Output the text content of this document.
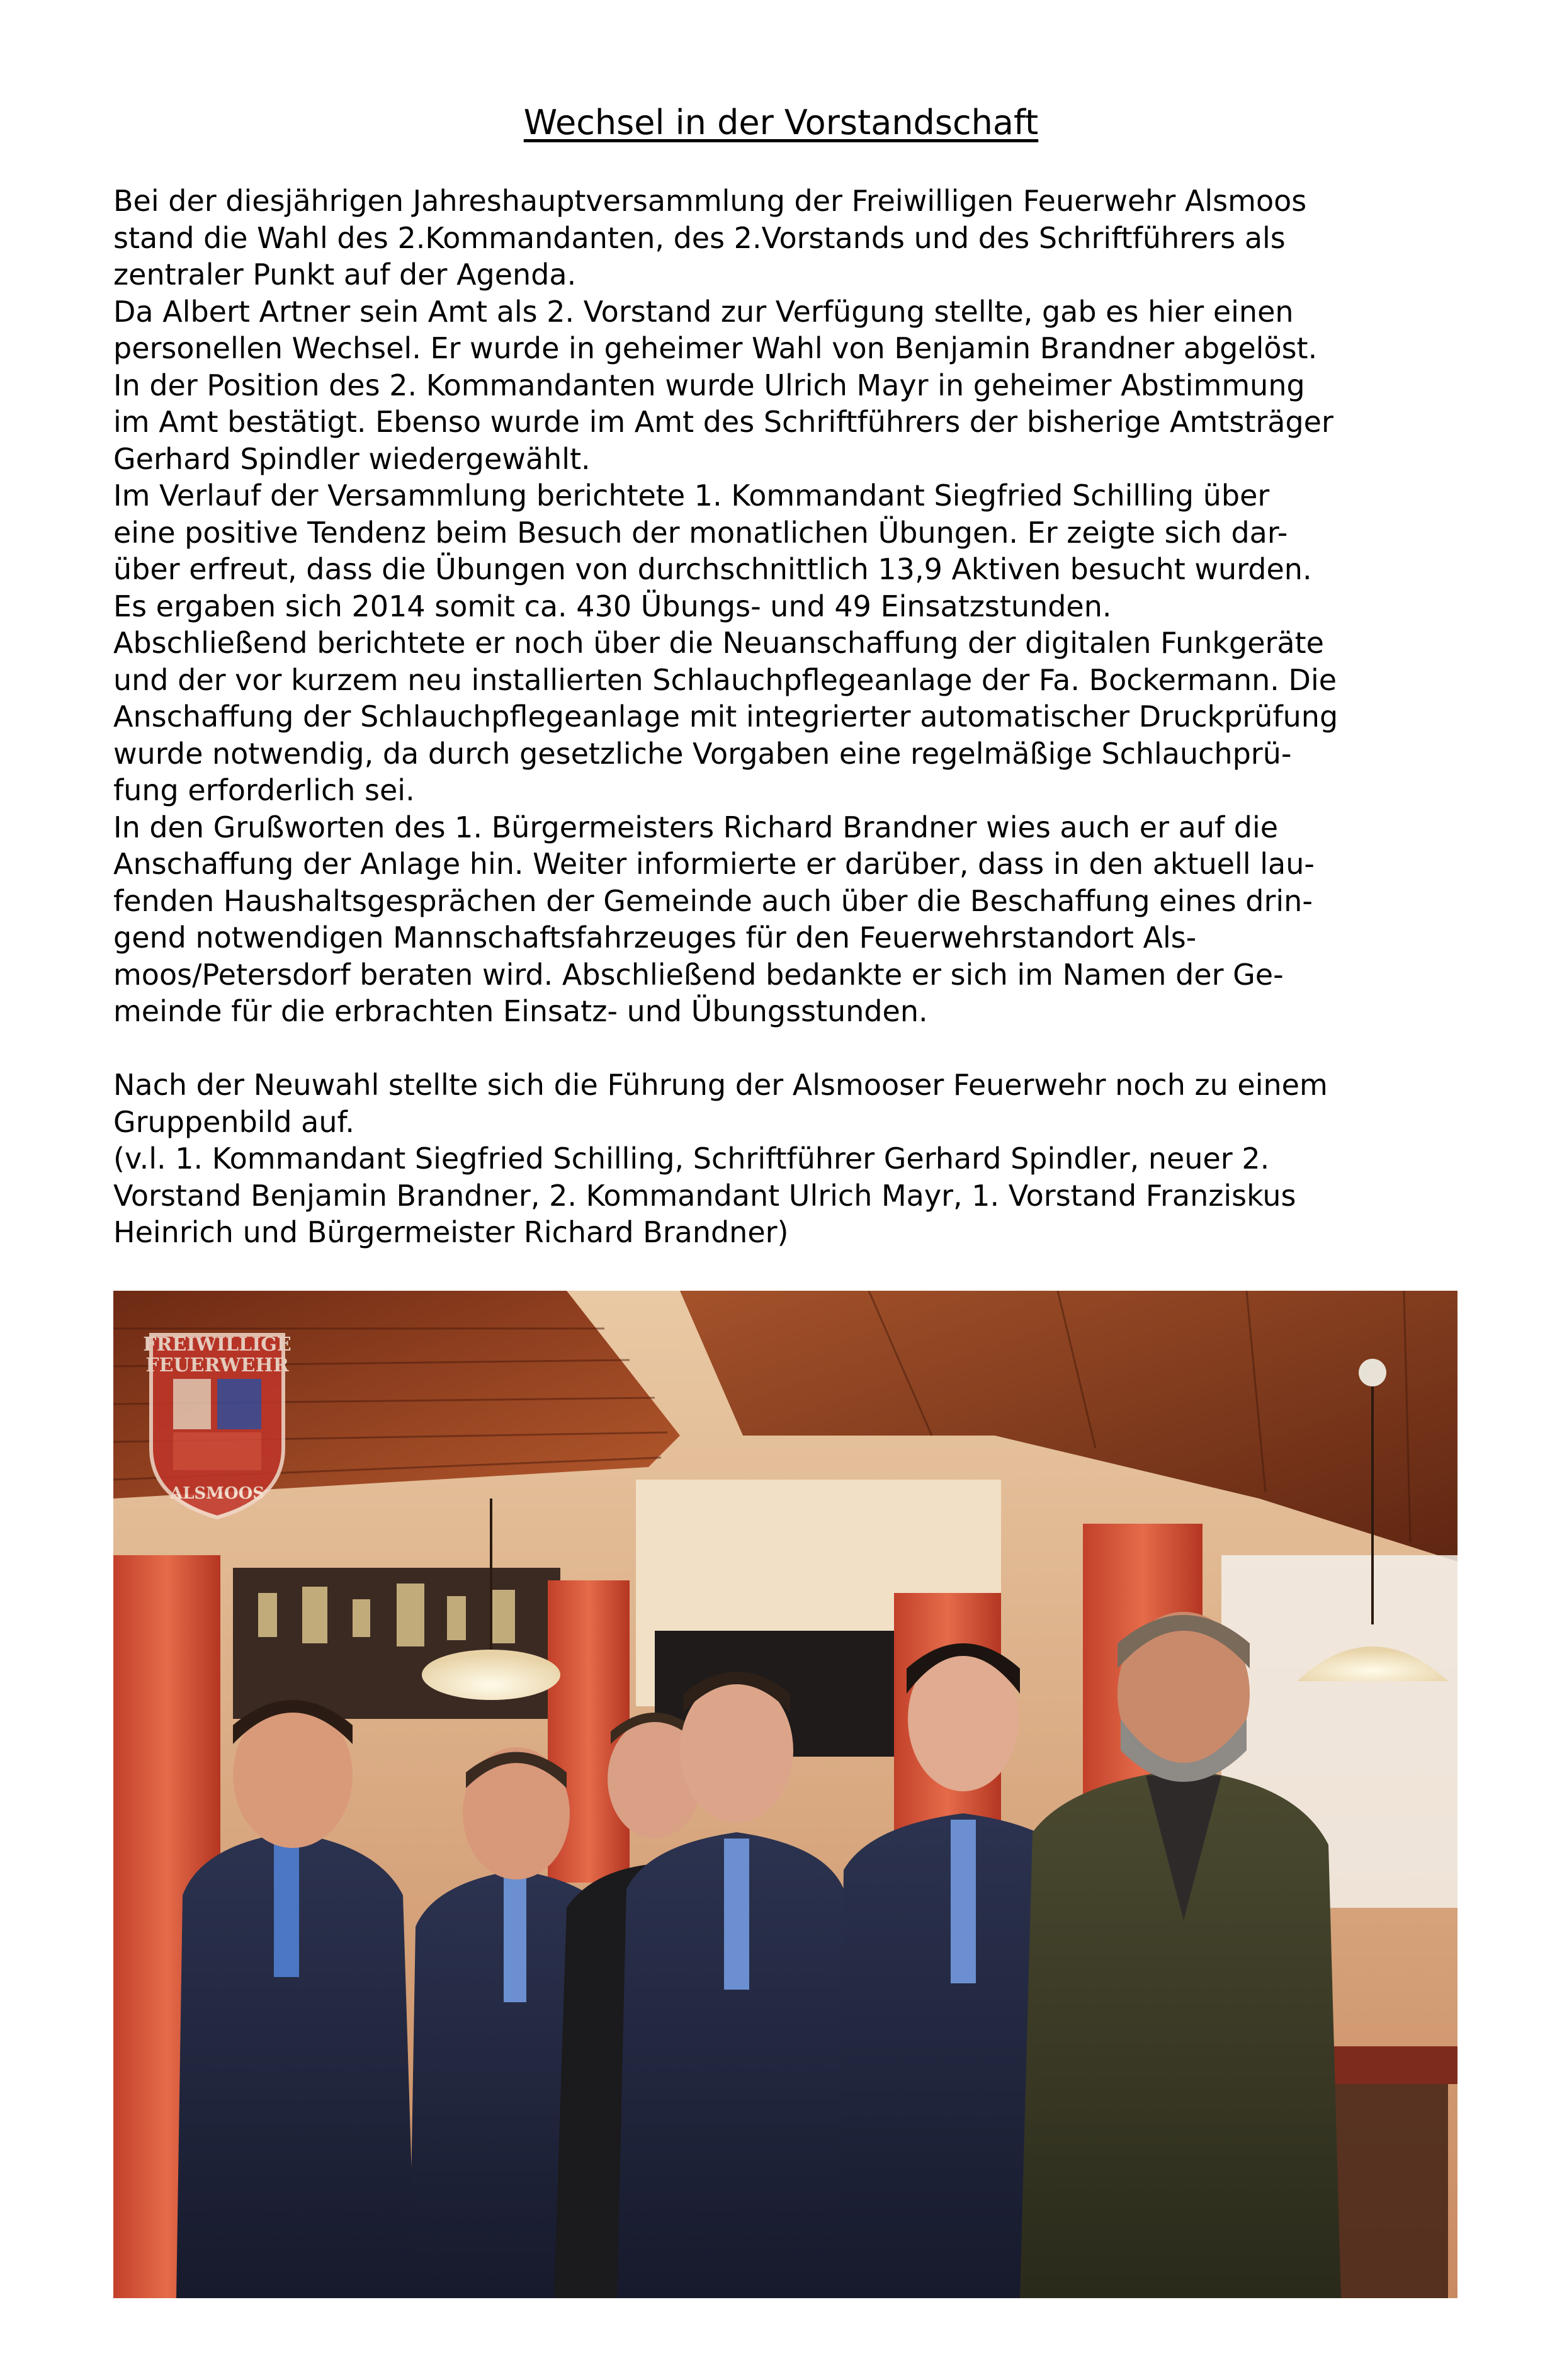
Wechsel in der Vorstandschaft
Bei der diesjährigen Jahreshauptversammlung der Freiwilligen Feuerwehr Alsmoos
stand die Wahl des 2.Kommandanten, des 2.Vorstands und des Schriftführers als
zentraler Punkt auf der Agenda.
Da Albert Artner sein Amt als 2. Vorstand zur Verfügung stellte, gab es hier einen
personellen Wechsel. Er wurde in geheimer Wahl von Benjamin Brandner abgelöst.
In der Position des 2. Kommandanten wurde Ulrich Mayr in geheimer Abstimmung
im Amt bestätigt. Ebenso wurde im Amt des Schriftführers der bisherige Amtsträger
Gerhard Spindler wiedergewählt.
Im Verlauf der Versammlung berichtete 1. Kommandant Siegfried Schilling über
eine positive Tendenz beim Besuch der monatlichen Übungen. Er zeigte sich dar-
über erfreut, dass die Übungen von durchschnittlich 13,9 Aktiven besucht wurden.
Es ergaben sich 2014 somit ca. 430 Übungs- und 49 Einsatzstunden.
Abschließend berichtete er noch über die Neuanschaffung der digitalen Funkgeräte
und der vor kurzem neu installierten Schlauchpflegeanlage der Fa. Bockermann. Die
Anschaffung der Schlauchpflegeanlage mit integrierter automatischer Druckprüfung
wurde notwendig, da durch gesetzliche Vorgaben eine regelmäßige Schlauchprü-
fung erforderlich sei.
In den Grußworten des 1. Bürgermeisters Richard Brandner wies auch er auf die
Anschaffung der Anlage hin. Weiter informierte er darüber, dass in den aktuell lau-
fenden Haushaltsgesprächen der Gemeinde auch über die Beschaffung eines drin-
gend notwendigen Mannschaftsfahrzeuges für den Feuerwehrstandort Als-
moos/Petersdorf beraten wird. Abschließend bedankte er sich im Namen der Ge-
meinde für die erbrachten Einsatz- und Übungsstunden.
Nach der Neuwahl stellte sich die Führung der Alsmooser Feuerwehr noch zu einem
Gruppenbild auf.
(v.l. 1. Kommandant Siegfried Schilling, Schriftführer Gerhard Spindler, neuer 2.
Vorstand Benjamin Brandner, 2. Kommandant Ulrich Mayr, 1. Vorstand Franziskus
Heinrich und Bürgermeister Richard Brandner)
FREIWILLIGE
FEUERWEHR
ALSMOOS
